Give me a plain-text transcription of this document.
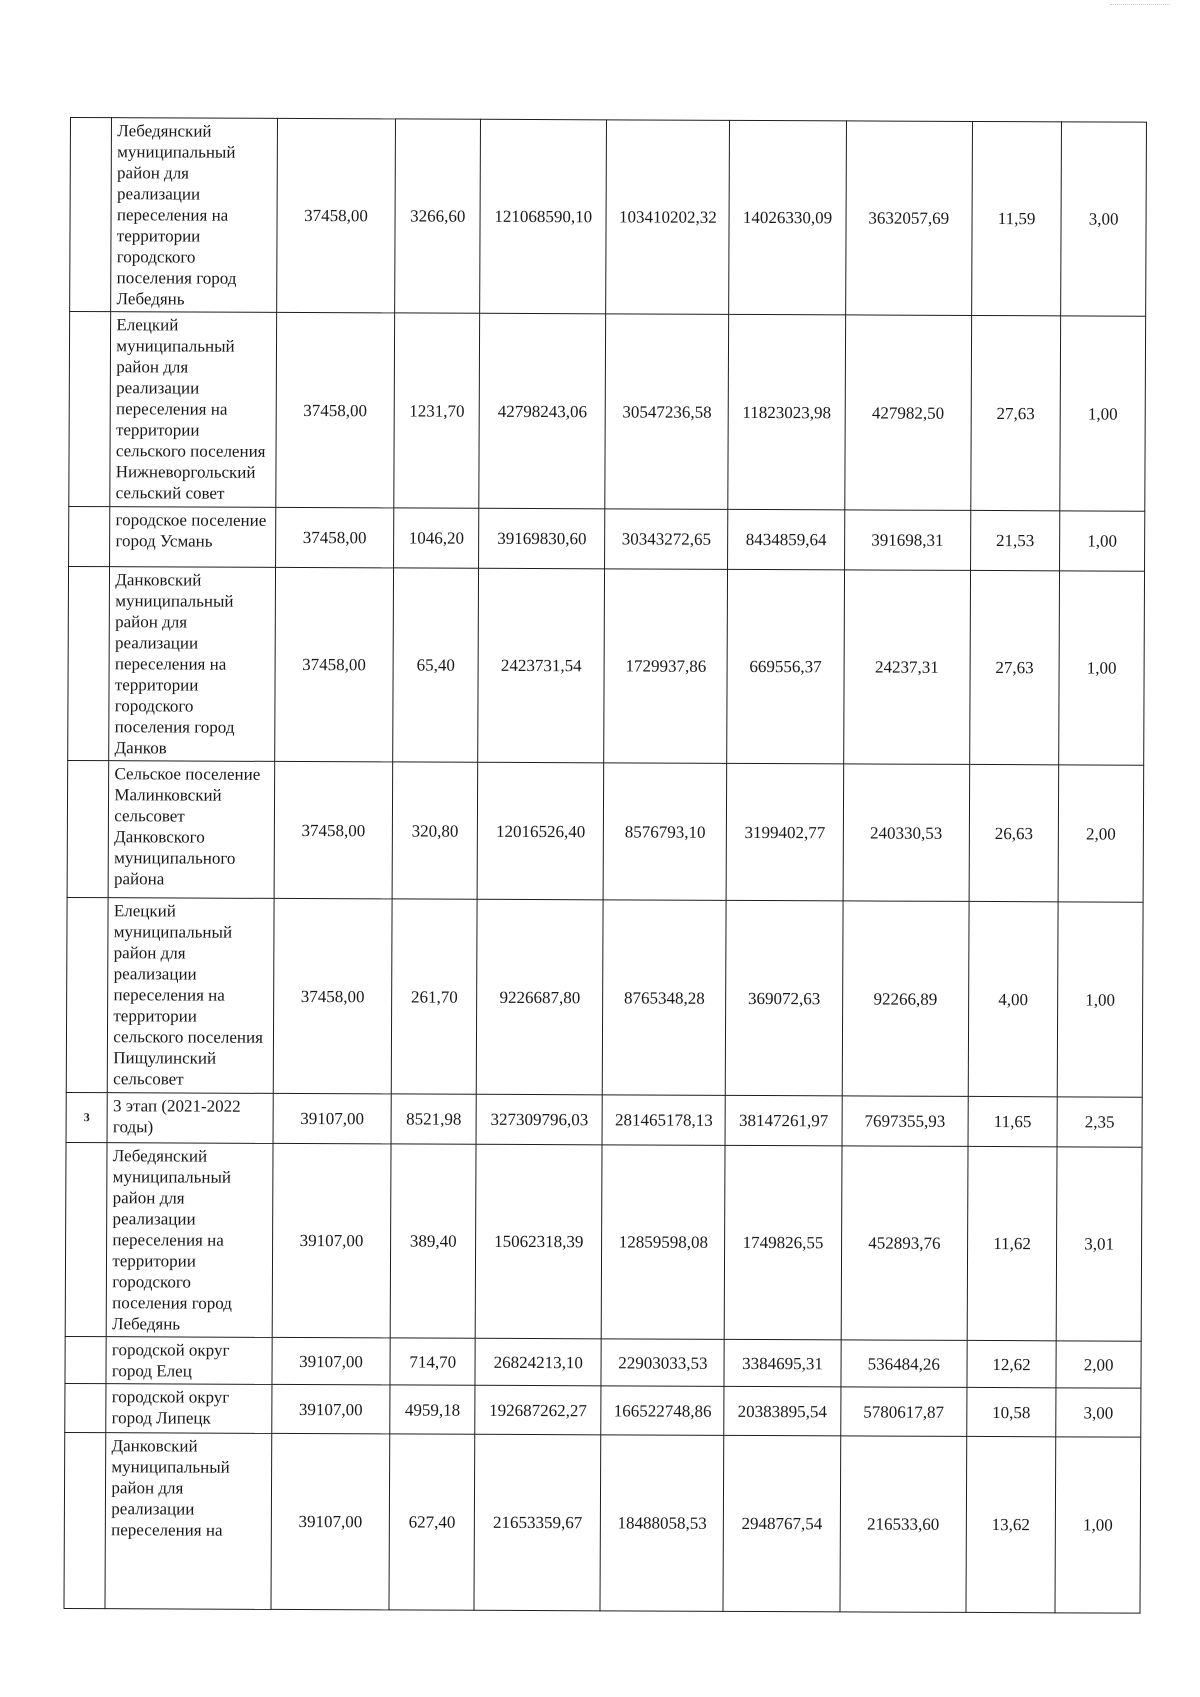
	Лебедянский муниципальный район для реализации переселения на территории городского поселения город Лебедянь	37458,00	3266,60	121068590,10	103410202,32	14026330,09	3632057,69	11,59	3,00

	Елецкий муниципальный район для реализации переселения на территории сельского поселения Нижневоргольский сельский совет	37458,00	1231,70	42798243,06	30547236,58	11823023,98	427982,50	27,63	1,00

	городское поселение город Усмань	37458,00	1046,20	39169830,60	30343272,65	8434859,64	391698,31	21,53	1,00

	Данковский муниципальный район для реализации переселения на территории городского поселения город Данков	37458,00	65,40	2423731,54	1729937,86	669556,37	24237,31	27,63	1,00

	Сельское поселение Малинковский сельсовет Данковского муниципального района	37458,00	320,80	12016526,40	8576793,10	3199402,77	240330,53	26,63	2,00

	Елецкий муниципальный район для реализации переселения на территории сельского поселения Пищулинский сельсовет	37458,00	261,70	9226687,80	8765348,28	369072,63	92266,89	4,00	1,00
3	3 этап (2021-2022 годы)	39107,00	8521,98	327309796,03	281465178,13	38147261,97	7697355,93	11,65	2,35

	Лебедянский муниципальный район для реализации переселения на территории городского поселения город Лебедянь	39107,00	389,40	15062318,39	12859598,08	1749826,55	452893,76	11,62	3,01

	городской округ город Елец	39107,00	714,70	26824213,10	22903033,53	3384695,31	536484,26	12,62	2,00

	городской округ город Липецк	39107,00	4959,18	192687262,27	166522748,86	20383895,54	5780617,87	10,58	3,00

	Данковский муниципальный район для реализации переселения на	39107,00	627,40	21653359,67	18488058,53	2948767,54	216533,60	13,62	1,00
